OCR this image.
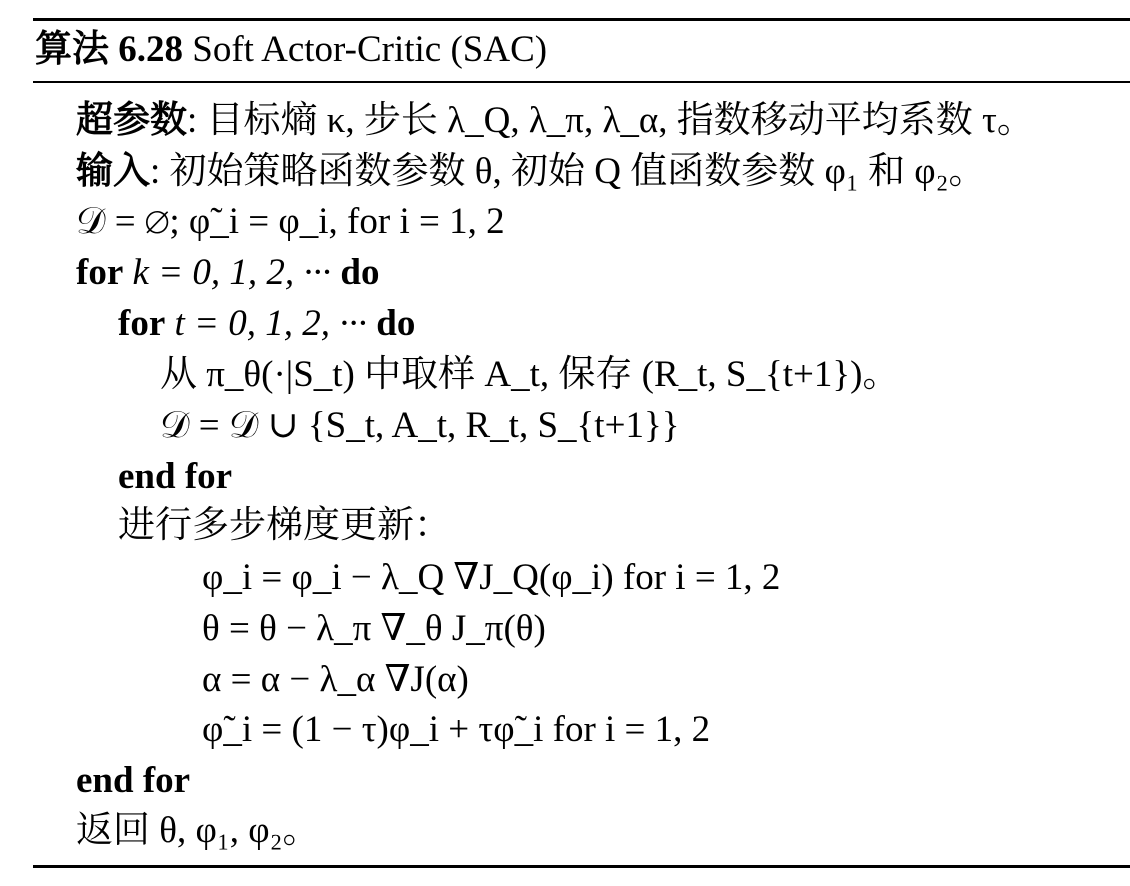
算法 6.28 Soft Actor-Critic (SAC)
超参数: 目标熵 κ, 步长 λ_Q, λ_π, λ_α, 指数移动平均系数 τ。
输入: 初始策略函数参数 θ, 初始 Q 值函数参数 φ₁ 和 φ₂。
𝒟 = ∅; φ̃_i = φ_i, for i = 1, 2
for k = 0, 1, 2, ··· do
for t = 0, 1, 2, ··· do
从 π_θ(·|S_t) 中取样 A_t, 保存 (R_t, S_{t+1})。
𝒟 = 𝒟 ∪ {S_t, A_t, R_t, S_{t+1}}
end for
进行多步梯度更新：
φ_i = φ_i − λ_Q ∇J_Q(φ_i) for i = 1, 2
θ = θ − λ_π ∇_θ J_π(θ)
α = α − λ_α ∇J(α)
φ̃_i = (1 − τ)φ_i + τφ̃_i for i = 1, 2
end for
返回 θ, φ₁, φ₂。
